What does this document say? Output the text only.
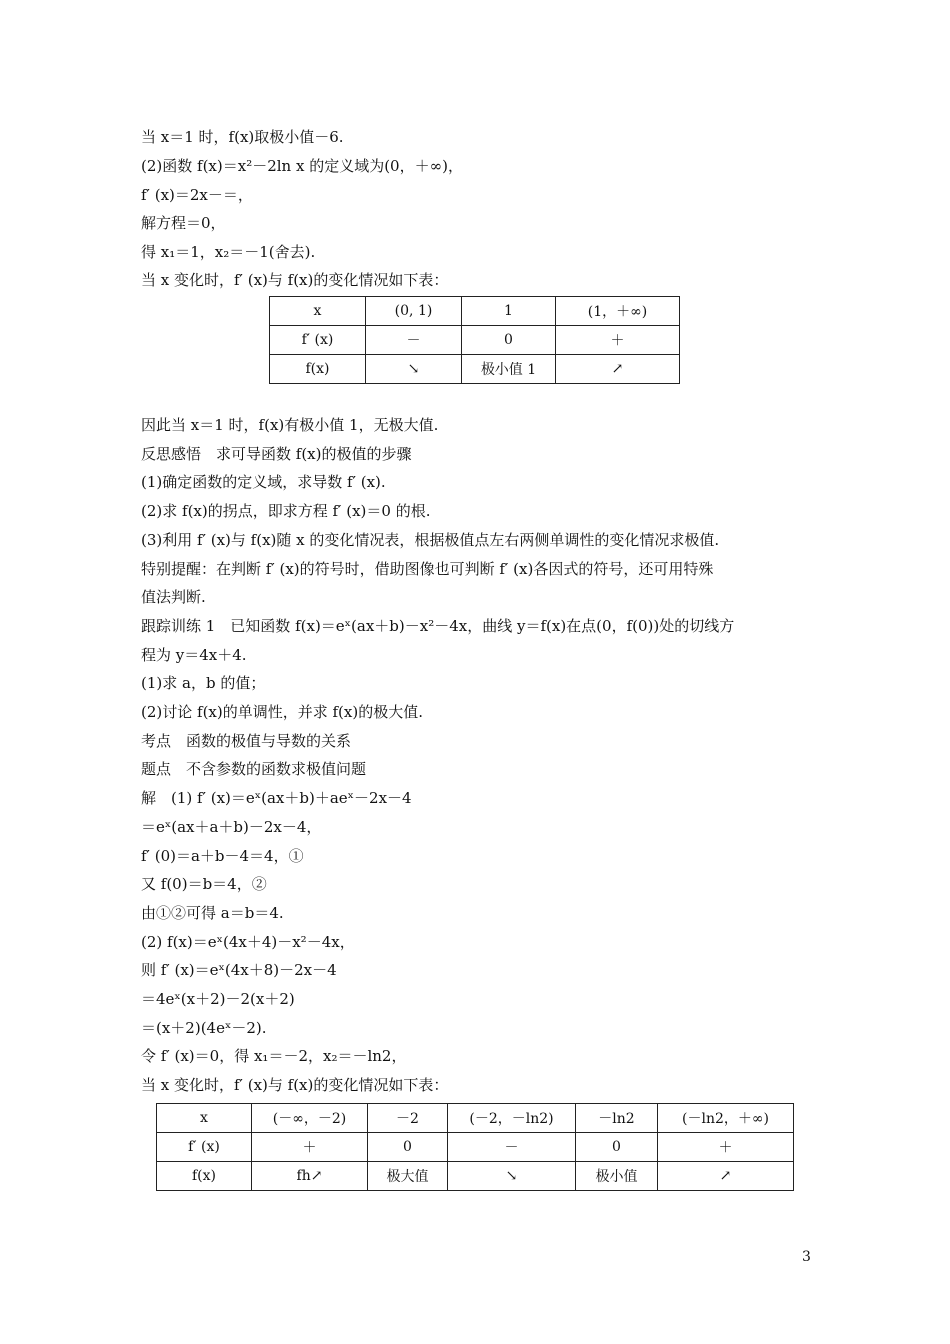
当 x＝1 时，f(x)取极小值－6.
(2)函数 f(x)＝x²－2ln x 的定义域为(0，＋∞)，
f′ (x)＝2x－＝，
解方程＝0，
得 x₁＝1，x₂＝－1(舍去).
当 x 变化时，f′ (x)与 f(x)的变化情况如下表：
x	(0, 1)	1	(1，＋∞)
f′ (x)	－	0	＋
f(x)	↘	极小值 1	↗
因此当 x＝1 时，f(x)有极小值 1，无极大值.
反思感悟　求可导函数 f(x)的极值的步骤
(1)确定函数的定义域，求导数 f′ (x).
(2)求 f(x)的拐点，即求方程 f′ (x)＝0 的根.
(3)利用 f′ (x)与 f(x)随 x 的变化情况表，根据极值点左右两侧单调性的变化情况求极值.
特别提醒：在判断 f′ (x)的符号时，借助图像也可判断 f′ (x)各因式的符号，还可用特殊
值法判断.
跟踪训练 1　已知函数 f(x)＝eˣ(ax＋b)－x²－4x，曲线 y＝f(x)在点(0，f(0))处的切线方
程为 y＝4x＋4.
(1)求 a，b 的值；
(2)讨论 f(x)的单调性，并求 f(x)的极大值.
考点　函数的极值与导数的关系
题点　不含参数的函数求极值问题
解　(1) f′ (x)＝eˣ(ax＋b)＋aeˣ－2x－4
＝eˣ(ax＋a＋b)－2x－4，
f′ (0)＝a＋b－4＝4，①
又 f(0)＝b＝4，②
由①②可得 a＝b＝4.
(2) f(x)＝eˣ(4x＋4)－x²－4x，
则 f′ (x)＝eˣ(4x＋8)－2x－4
＝4eˣ(x＋2)－2(x＋2)
＝(x＋2)(4eˣ－2).
令 f′ (x)＝0，得 x₁＝－2，x₂＝－ln2，
当 x 变化时，f′ (x)与 f(x)的变化情况如下表：
x	(－∞，－2)	－2	(－2，－ln2)	－ln2	(－ln2，＋∞)
f′ (x)	＋	0	－	0	＋
f(x)	fh↗	极大值	↘	极小值	↗
3
